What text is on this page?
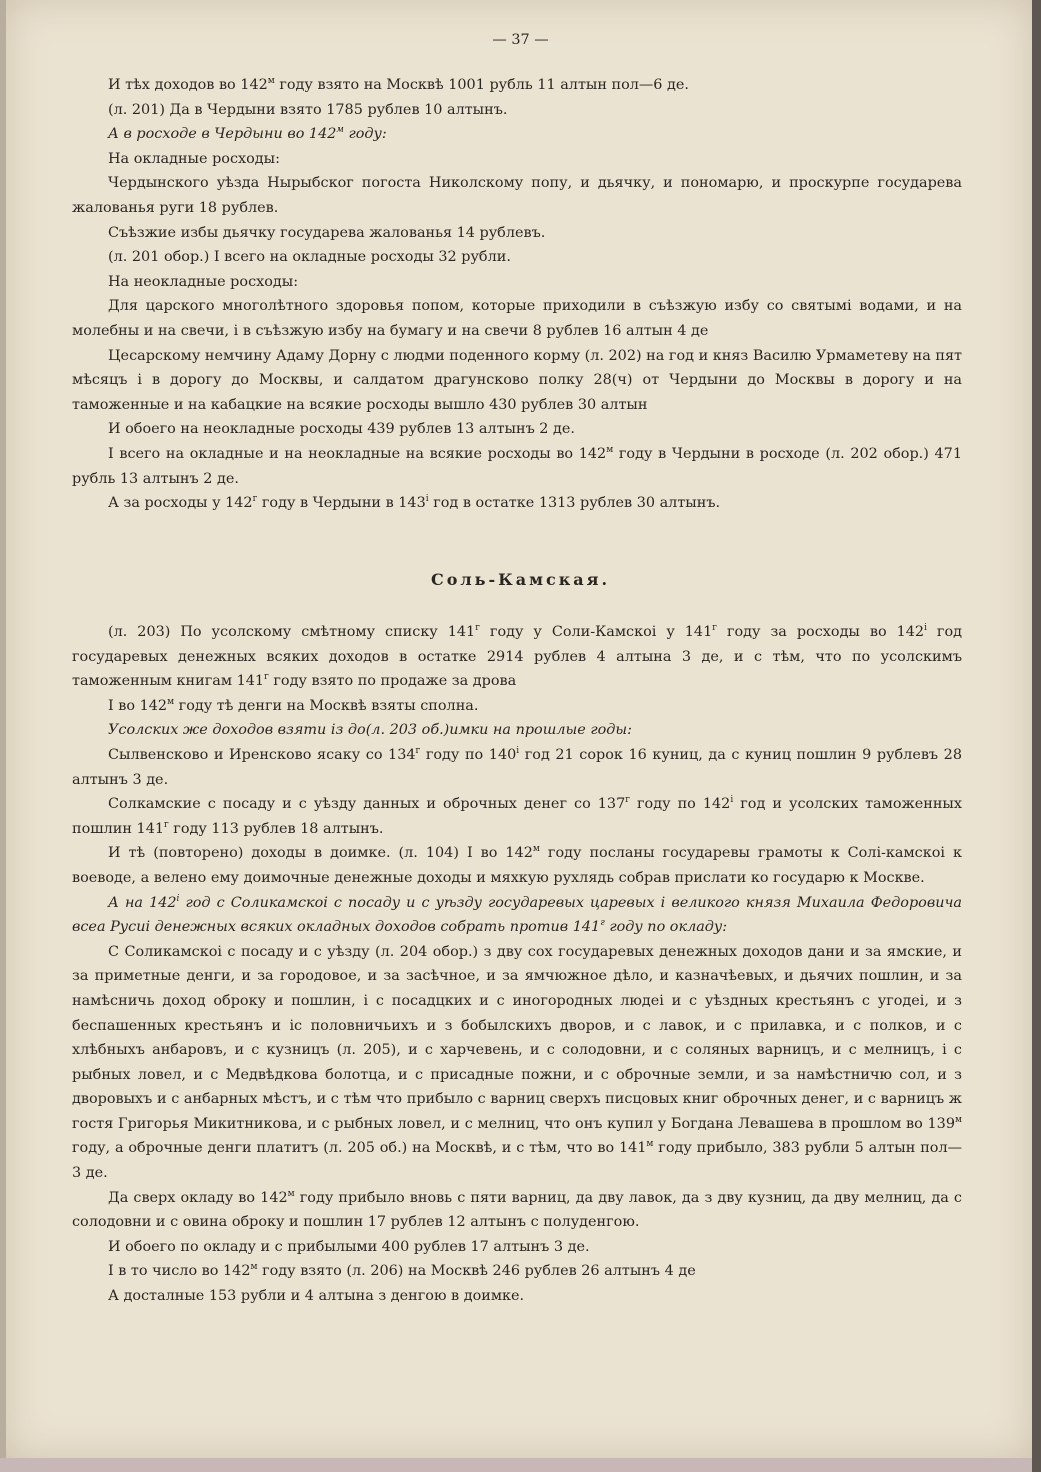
— 37 —

И тѣх доходов во $142^м$ году взято на Москвѣ 1001 рубль 11 алтын пол—6 де.

(л. 201) Да в Чердыни взято 1785 рублев 10 алтынъ.

А в росходе в Чердыни во $142^м$ году:

На окладные росходы:

Чердынского уѣзда Нырыбског погоста Николскому попу, и дьячку, и пономарю, и проскурпе государева жалованья руги 18 рублев.

Съѣзжие избы дьячку государева жалованья 14 рублевъ.

(л. 201 обор.) I всего на окладные росходы 32 рубли.

На неокладные росходы:

Для царского многолѣтного здоровья попом, которые приходили в съѣзжую избу со святымi водами, и на молебны и на свечи, i в съѣзжую избу на бумагу и на свечи 8 рублев 16 алтын 4 де

Цесарскому немчину Адаму Дорну с людми поденного корму (л. 202) на год и княз Василю Урмаметеву на пят мѣсяцъ i в дорогу до Москвы, и салдатом драгунсково полку 28(ч) от Чердыни до Москвы в дорогу и на таможенные и на кабацкие на всякие росходы вышло 430 рублев 30 алтын

И обоего на неокладные росходы 439 рублев 13 алтынъ 2 де.

I всего на окладные и на неокладные на всякие росходы во $142^м$ году в Чердыни в росходе (л. 202 обор.) 471 рубль 13 алтынъ 2 де.

А за росходы у $142^г$ году в Чердыни в 143$^i$ год в остатке 1313 рублев 30 алтынъ.

Соль-Камская.

(л. 203) По усолскому смѣтному списку $141^г$ году у Соли-Камскоi у $141^г$ году за росходы во 142$^i$ год государевых денежных всяких доходов в остатке 2914 рублев 4 алтына 3 де, и с тѣм, что по усолскимъ таможенным книгам $141^г$ году взято по продаже за дрова

I во $142^м$ году тѣ денги на Москвѣ взяты сполна.

Усолских же доходов взяти iз до(л. 203 об.)имки на прошлые годы:

Сылвенсково и Иренсково ясаку со $134^г$ году по 140$^i$ год 21 сорок 16 куниц, да с куниц пошлин 9 рублевъ 28 алтынъ 3 де.

Солкамские с посаду и с уѣзду данных и оброчных денег со $137^г$ году по 142$^i$ год и усолских таможенных пошлин $141^г$ году 113 рублев 18 алтынъ.

И тѣ (повторено) доходы в доимке. (л. 104) I во $142^м$ году посланы государевы грамоты к Солi-камскоi к воеводе, а велено ему доимочные денежные доходы и мяхкую рухлядь собрав прислати ко государю к Москве.

А на 142$^i$ год с Соликамскоi с посаду и с уѣзду государевых царевых i великого князя Михаила Федоровича всеа Русиi денежных всяких окладных доходов собрать против $141^г$ году по окладу:

С Соликамскоi с посаду и с уѣзду (л. 204 обор.) з дву сох государевых денежных доходов дани и за ямские, и за приметные денги, и за городовое, и за засѣчное, и за ямчюжное дѣло, и казначѣевых, и дьячих пошлин, и за намѣсничь доход оброку и пошлин, i с посадцких и с иногородных людеi и с уѣздных крестьянъ с угодеi, и з беспашенных крестьянъ и iс половничьихъ и з бобылскихъ дворов, и с лавок, и с прилавка, и с полков, и с хлѣбныхъ анбаровъ, и с кузницъ (л. 205), и с харчевень, и с солодовни, и с соляных варницъ, и с мелницъ, i с рыбных ловел, и с Медвѣдкова болотца, и с присадные пожни, и с оброчные земли, и за намѣстничю сол, и з дворовыхъ и с анбарных мѣстъ, и с тѣм что прибыло с варниц сверхъ писцовых книг оброчных денег, и с варницъ ж гостя Григорья Микитникова, и с рыбных ловел, и с мелниц, что онъ купил у Богдана Левашева в прошлом во $139^м$ году, а оброчные денги платитъ (л. 205 об.) на Москвѣ, и с тѣм, что во $141^м$ году прибыло, 383 рубли 5 алтын пол—3 де.

Да сверх окладу во $142^м$ году прибыло вновь с пяти варниц, да дву лавок, да з дву кузниц, да дву мелниц, да с солодовни и с овина оброку и пошлин 17 рублев 12 алтынъ с полуденгою.

И обоего по окладу и с прибылыми 400 рублев 17 алтынъ 3 де.

I в то число во $142^м$ году взято (л. 206) на Москвѣ 246 рублев 26 алтынъ 4 де

А досталные 153 рубли и 4 алтына з денгою в доимке.
